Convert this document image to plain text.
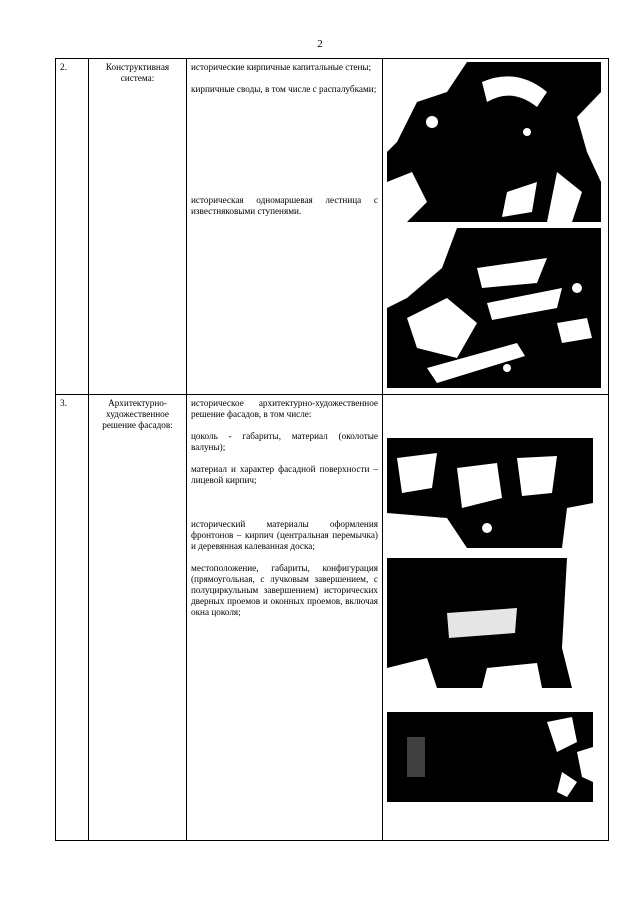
2
2.	Конструктивная система:	исторические кирпичные капитальные стены;

кирпичные своды, в том числе с распалубками;

историческая одномаршевая лестница с известняковыми ступенями.

3.	Архитектурно-художественное решение фасадов:	историческое архитектурно-художественное решение фасадов, в том числе:

цоколь - габариты, материал (околотые валуны);

материал и характер фасадной поверхности – лицевой кирпич;

исторический материалы оформления фронтонов – кирпич (центральная перемычка) и деревянная калеванная доска;

местоположение, габариты, конфигурация (прямоугольная, с лучковым завершением, с полуциркульным завершением) исторических дверных проемов и оконных проемов, включая окна цоколя;
